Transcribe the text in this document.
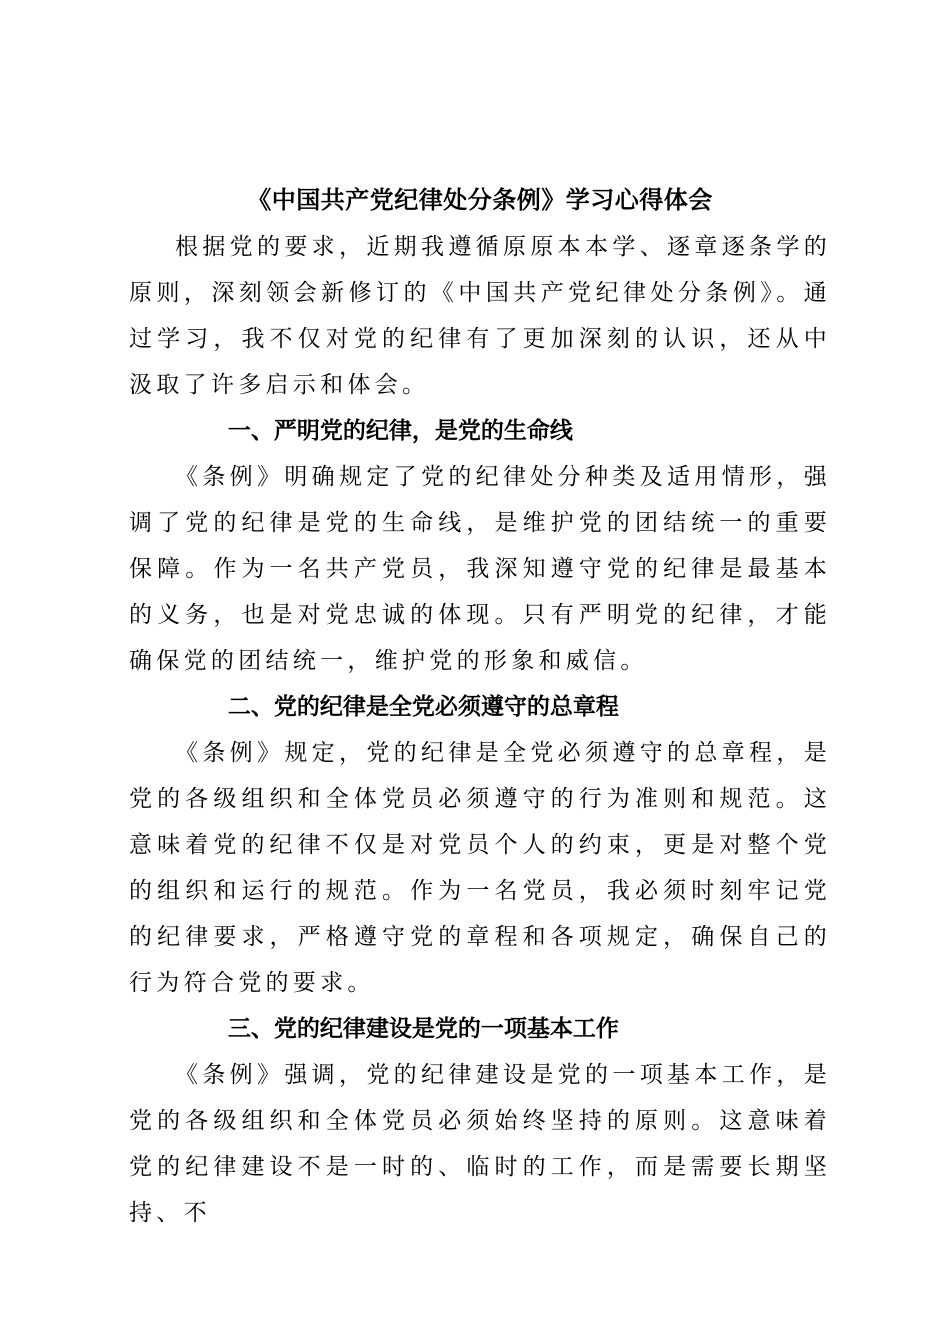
《中国共产党纪律处分条例》学习心得体会

根据党的要求，近期我遵循原原本本学、逐章逐条学的原则，深刻领会新修订的《中国共产党纪律处分条例》。通过学习，我不仅对党的纪律有了更加深刻的认识，还从中汲取了许多启示和体会。

一、严明党的纪律，是党的生命线

《条例》明确规定了党的纪律处分种类及适用情形，强调了党的纪律是党的生命线，是维护党的团结统一的重要保障。作为一名共产党员，我深知遵守党的纪律是最基本的义务，也是对党忠诚的体现。只有严明党的纪律，才能确保党的团结统一，维护党的形象和威信。

二、党的纪律是全党必须遵守的总章程

《条例》规定，党的纪律是全党必须遵守的总章程，是党的各级组织和全体党员必须遵守的行为准则和规范。这意味着党的纪律不仅是对党员个人的约束，更是对整个党的组织和运行的规范。作为一名党员，我必须时刻牢记党的纪律要求，严格遵守党的章程和各项规定，确保自己的行为符合党的要求。

三、党的纪律建设是党的一项基本工作

《条例》强调，党的纪律建设是党的一项基本工作，是党的各级组织和全体党员必须始终坚持的原则。这意味着党的纪律建设不是一时的、临时的工作，而是需要长期坚持、不
